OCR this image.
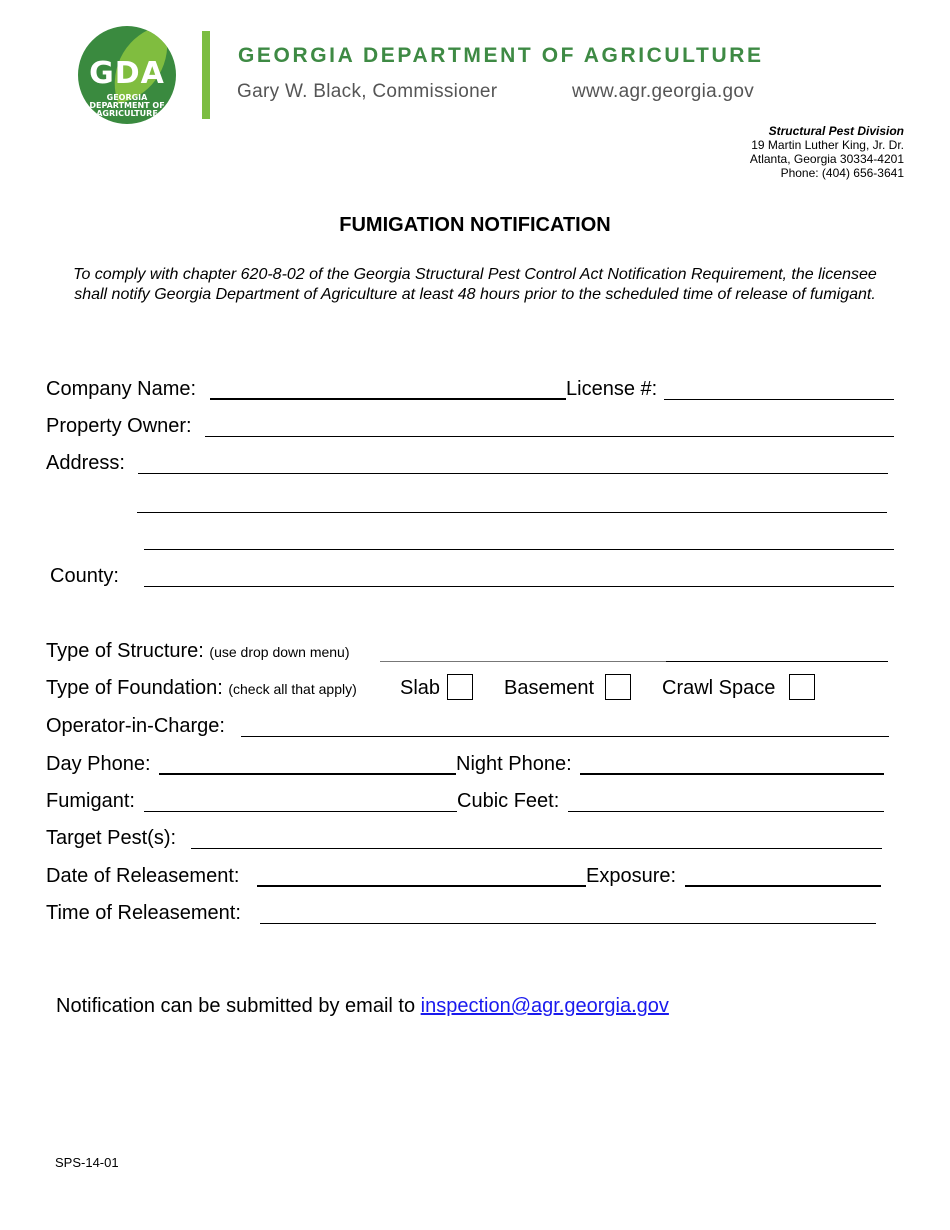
GDA
GEORGIA
DEPARTMENT OF
AGRICULTURE
GEORGIA DEPARTMENT OF AGRICULTURE
Gary W. Black, Commissioner	www.agr.georgia.gov
Structural Pest Division
19 Martin Luther King, Jr. Dr.
Atlanta, Georgia 30334-4201
Phone: (404) 656-3641
FUMIGATION NOTIFICATION
To comply with chapter 620-8-02 of the Georgia Structural Pest Control Act Notification Requirement, the licensee shall notify Georgia Department of Agriculture at least 48 hours prior to the scheduled time of release of fumigant.
Company Name:	License #:
Property Owner:
Address:
County:
Type of Structure: (use drop down menu)
Type of Foundation: (check all that apply) Slab	Basement	Crawl Space
Operator-in-Charge:
Day Phone:	Night Phone:
Fumigant:	Cubic Feet:
Target Pest(s):
Date of Releasement:	Exposure:
Time of Releasement:
Notification can be submitted by email to inspection@agr.georgia.gov
SPS-14-01
